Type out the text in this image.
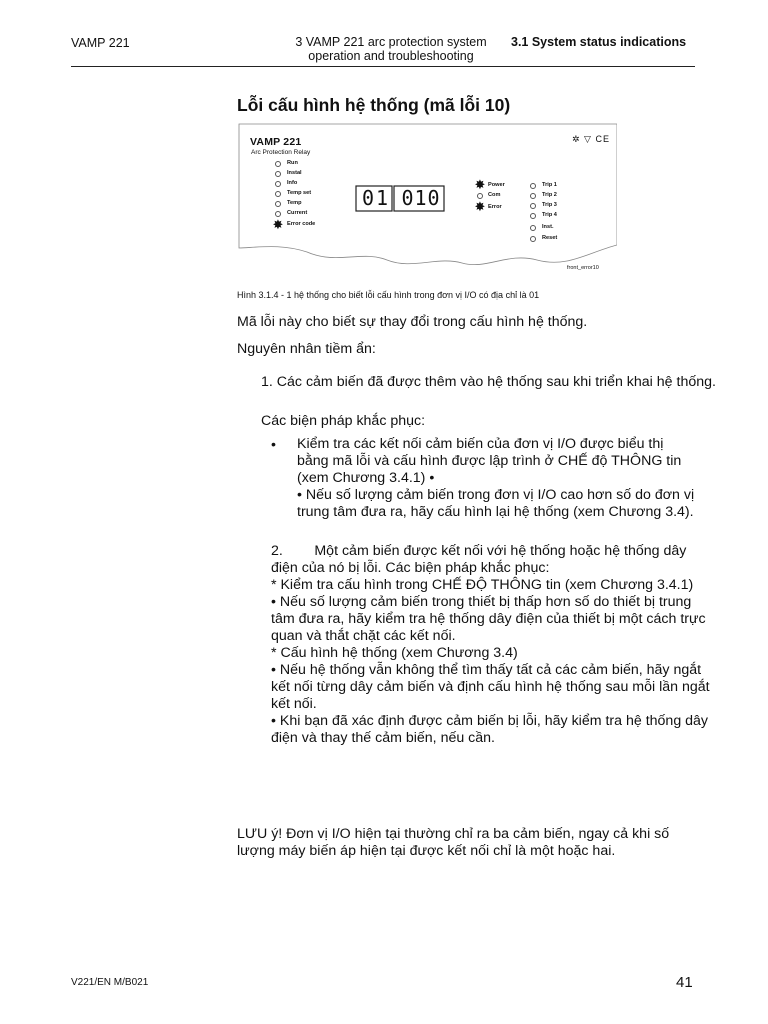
VAMP 221	3 VAMP 221 arc protection system
operation and troubleshooting
3.1 System status indications
Lỗi cấu hình hệ thống (mã lỗi 10)
VAMP 221
Arc Protection Relay
✲ ▽ CE
Run
Instal
Info
Temp set
Temp
Current
✸ Error code
01 010
✸ Power
Com
✸ Error
Trip 1
Trip 2
Trip 3
Trip 4
Inst.
Reset
front_error10
Hình 3.1.4 - 1 hệ thống cho biết lỗi cấu hình trong đơn vị I/O có địa chỉ là 01
Mã lỗi này cho biết sự thay đổi trong cấu hình hệ thống.
Nguyên nhân tiềm ẩn:
1. Các cảm biến đã được thêm vào hệ thống sau khi triển khai hệ thống.
Các biện pháp khắc phục:
• Kiểm tra các kết nối cảm biến của đơn vị I/O được biểu thị bằng mã lỗi và cấu hình được lập trình ở CHẾ độ THÔNG tin (xem Chương 3.4.1) •
• Nếu số lượng cảm biến trong đơn vị I/O cao hơn số do đơn vị trung tâm đưa ra, hãy cấu hình lại hệ thống (xem Chương 3.4).
2.        Một cảm biến được kết nối với hệ thống hoặc hệ thống dây điện của nó bị lỗi. Các biện pháp khắc phục:
* Kiểm tra cấu hình trong CHẾ ĐỘ THÔNG tin (xem Chương 3.4.1)
• Nếu số lượng cảm biến trong thiết bị thấp hơn số do thiết bị trung tâm đưa ra, hãy kiểm tra hệ thống dây điện của thiết bị một cách trực quan và thắt chặt các kết nối.
* Cấu hình hệ thống (xem Chương 3.4)
• Nếu hệ thống vẫn không thể tìm thấy tất cả các cảm biến, hãy ngắt kết nối từng dây cảm biến và định cấu hình hệ thống sau mỗi lần ngắt kết nối.
• Khi bạn đã xác định được cảm biến bị lỗi, hãy kiểm tra hệ thống dây điện và thay thế cảm biến, nếu cần.
LƯU ý! Đơn vị I/O hiện tại thường chỉ ra ba cảm biến, ngay cả khi số lượng máy biến áp hiện tại được kết nối chỉ là một hoặc hai.
V221/EN M/B021	41
